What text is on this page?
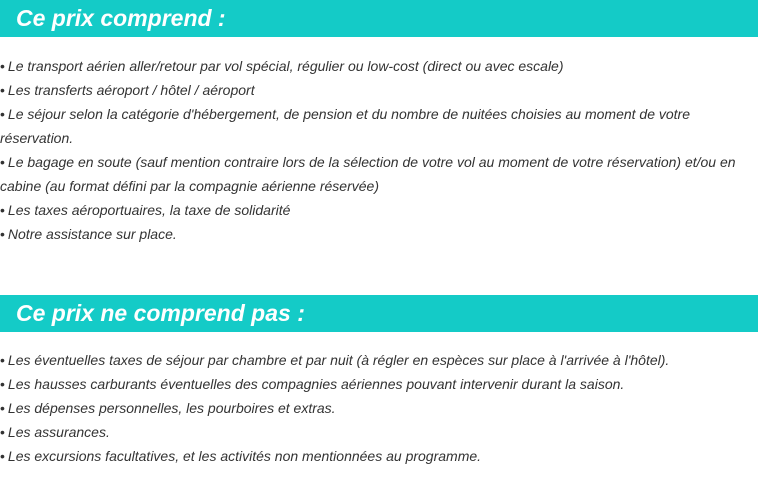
Ce prix comprend :
• Le transport aérien aller/retour par vol spécial, régulier ou low-cost (direct ou avec escale)
• Les transferts aéroport / hôtel / aéroport
• Le séjour selon la catégorie d'hébergement, de pension et du nombre de nuitées choisies au moment de votre réservation.
• Le bagage en soute (sauf mention contraire lors de la sélection de votre vol au moment de votre réservation) et/ou en cabine (au format défini par la compagnie aérienne réservée)
• Les taxes aéroportuaires, la taxe de solidarité
• Notre assistance sur place.
Ce prix ne comprend pas :
• Les éventuelles taxes de séjour par chambre et par nuit (à régler en espèces sur place à l'arrivée à l'hôtel).
• Les hausses carburants éventuelles des compagnies aériennes pouvant intervenir durant la saison.
• Les dépenses personnelles, les pourboires et extras.
• Les assurances.
• Les excursions facultatives, et les activités non mentionnées au programme.
